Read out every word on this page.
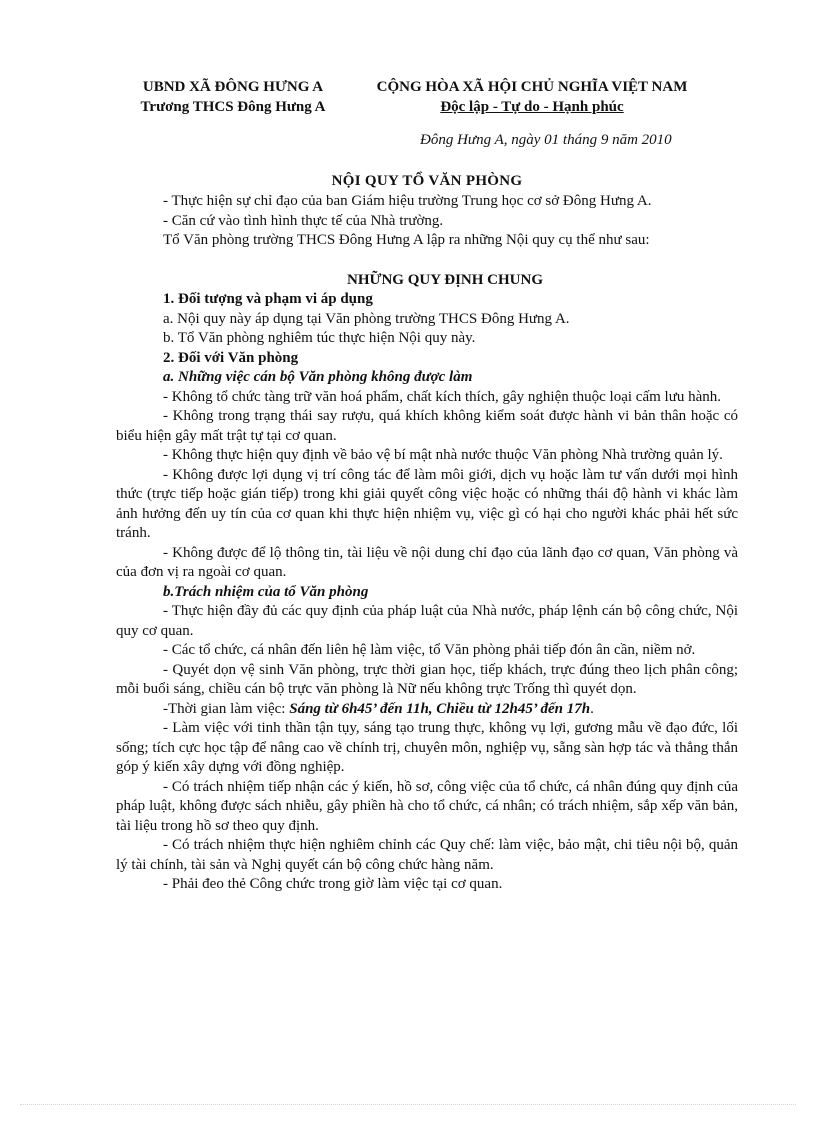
UBND XÃ ĐÔNG HƯNG A
Trương THCS Đông Hưng A
CỘNG HÒA XÃ HỘI CHỦ NGHĨA VIỆT NAM
Độc lập - Tự do - Hạnh phúc
Đông Hưng A, ngày 01 tháng 9 năm 2010
NỘI QUY TỔ VĂN PHÒNG

- Thực hiện sự chỉ đạo của ban Giám hiệu trường Trung học cơ sở Đông Hưng A.

- Căn cứ vào tình hình thực tế của Nhà trường.

Tổ Văn phòng trường THCS Đông Hưng A lập ra những Nội quy cụ thể như sau:

NHỮNG QUY ĐỊNH CHUNG

1. Đối tượng và phạm vi áp dụng

a. Nội quy này áp dụng tại Văn phòng trường THCS Đông Hưng A.

b. Tổ Văn phòng nghiêm túc thực hiện Nội quy này.

2. Đối với Văn phòng

a. Những việc cán bộ Văn phòng không được làm

- Không tổ chức tàng trữ văn hoá phẩm, chất kích thích, gây nghiện thuộc loại cấm lưu hành.

- Không trong trạng thái say rượu, quá khích không kiểm soát được hành vi bản thân hoặc có biểu hiện gây mất trật tự tại cơ quan.

- Không thực hiện quy định về bảo vệ bí mật nhà nước thuộc Văn phòng Nhà trường quản lý.

- Không được lợi dụng vị trí công tác để làm môi giới, dịch vụ hoặc làm tư vấn dưới mọi hình thức (trực tiếp hoặc gián tiếp) trong khi giải quyết công việc hoặc có những thái độ hành vi khác làm ảnh hưởng đến uy tín của cơ quan khi thực hiện nhiệm vụ, việc gì có hại cho người khác phải hết sức tránh.

- Không được để lộ thông tin, tài liệu về nội dung chỉ đạo của lãnh đạo cơ quan, Văn phòng và của đơn vị ra ngoài cơ quan.

b.Trách nhiệm của tổ Văn phòng

- Thực hiện đầy đủ các quy định của pháp luật của Nhà nước, pháp lệnh cán bộ công chức, Nội quy cơ quan.

- Các tổ chức, cá nhân đến liên hệ làm việc, tổ Văn phòng phải tiếp đón ân cần, niềm nở.

- Quyét dọn vệ sinh Văn phòng, trực thời gian học, tiếp khách, trực đúng theo lịch phân công; mỗi buổi sáng, chiều cán bộ trực văn phòng là Nữ nếu không trực Trống thì quyét dọn.

-Thời gian làm việc: Sáng từ 6h45’ đến 11h, Chiều từ 12h45’ đến 17h.

- Làm việc với tinh thần tận tụy, sáng tạo trung thực, không vụ lợi, gương mẫu về đạo đức, lối sống; tích cực học tập để nâng cao về chính trị, chuyên môn, nghiệp vụ, sẵng sàn hợp tác và thẳng thắn góp ý kiến xây dựng với đồng nghiệp.

- Có trách nhiệm tiếp nhận các ý kiến, hồ sơ, công việc của tổ chức, cá nhân đúng quy định của pháp luật, không được sách nhiễu, gây phiền hà cho tổ chức, cá nhân; có trách nhiệm, sắp xếp văn bản, tài liệu trong hồ sơ theo quy định.

- Có trách nhiệm thực hiện nghiêm chỉnh các Quy chế: làm việc, bảo mật, chi tiêu nội bộ, quản lý tài chính, tài sản và Nghị quyết cán bộ công chức hàng năm.

- Phải đeo thẻ Công chức trong giờ làm việc tại cơ quan.
